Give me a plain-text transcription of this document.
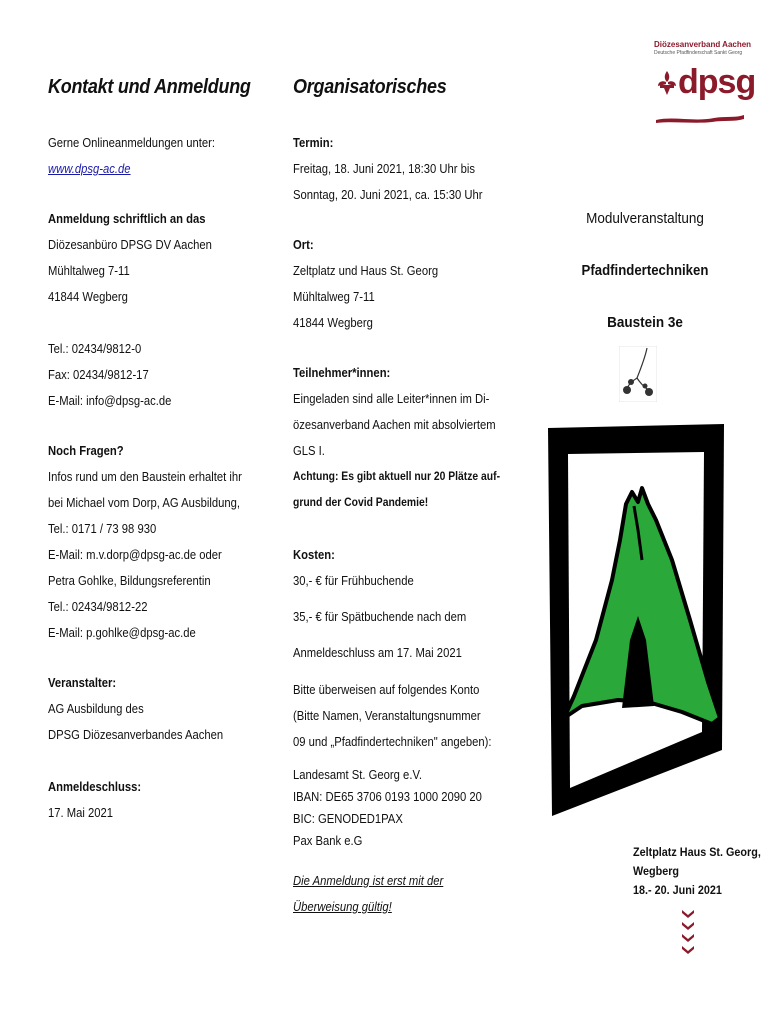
Kontakt und Anmeldung
Gerne Onlineanmeldungen unter:
www.dpsg-ac.de
Anmeldung schriftlich an das
Diözesanbüro DPSG DV Aachen
Mühltalweg 7-11
41844 Wegberg
Tel.: 02434/9812-0
Fax: 02434/9812-17
E-Mail: info@dpsg-ac.de
Noch Fragen?
Infos rund um den Baustein erhaltet ihr
bei Michael vom Dorp, AG Ausbildung,
Tel.: 0171 / 73 98 930
E-Mail: m.v.dorp@dpsg-ac.de oder
Petra Gohlke, Bildungsreferentin
Tel.: 02434/9812-22
E-Mail: p.gohlke@dpsg-ac.de
Veranstalter:
AG Ausbildung des
DPSG Diözesanverbandes Aachen
Anmeldeschluss:
17. Mai 2021
Organisatorisches
Termin:
Freitag, 18. Juni 2021, 18:30 Uhr bis
Sonntag, 20. Juni 2021, ca. 15:30 Uhr
Ort:
Zeltplatz und Haus St. Georg
Mühltalweg 7-11
41844 Wegberg
Teilnehmer*innen:
Eingeladen sind alle Leiter*innen im Di-
özesanverband Aachen mit absolviertem
GLS I.
Achtung: Es gibt aktuell nur 20 Plätze auf-
grund der Covid Pandemie!
Kosten:
30,- € für Frühbuchende
35,- € für Spätbuchende nach dem
Anmeldeschluss am 17. Mai 2021
Bitte überweisen auf folgendes Konto
(Bitte Namen, Veranstaltungsnummer
09 und „Pfadfindertechniken" angeben):
Landesamt St. Georg e.V.
IBAN: DE65 3706 0193 1000 2090 20
BIC: GENODED1PAX
Pax Bank e.G
Die Anmeldung ist erst mit der
Überweisung gültig!
Diözesanverband Aachen
Deutsche Pfadfinderschaft Sankt Georg
dpsg
Modulveranstaltung
Pfadfindertechniken
Baustein 3e
Zeltplatz Haus St. Georg,
Wegberg
18.- 20. Juni 2021
